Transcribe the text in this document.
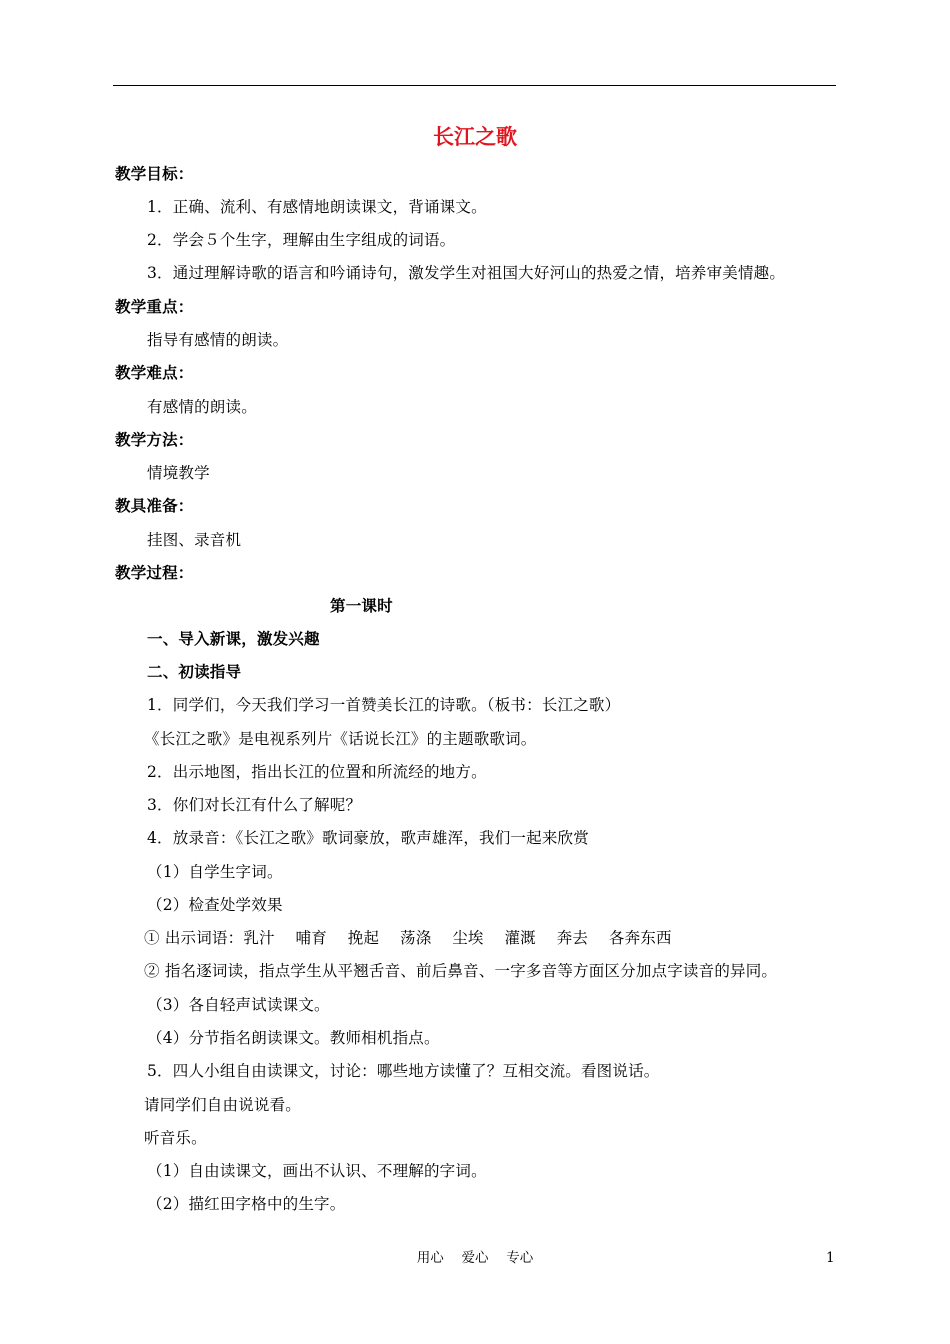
长江之歌
教学目标：
1．正确、流利、有感情地朗读课文，背诵课文。
2．学会５个生字，理解由生字组成的词语。
3．通过理解诗歌的语言和吟诵诗句，激发学生对祖国大好河山的热爱之情，培养审美情趣。
教学重点：
指导有感情的朗读。
教学难点：
有感情的朗读。
教学方法：
情境教学
教具准备：
挂图、录音机
教学过程：
第一课时
一、导入新课，激发兴趣
二、初读指导
1．同学们，今天我们学习一首赞美长江的诗歌。（板书：长江之歌）
《长江之歌》是电视系列片《话说长江》的主题歌歌词。
2．出示地图，指出长江的位置和所流经的地方。
3．你们对长江有什么了解呢？
4．放录音：《长江之歌》歌词豪放，歌声雄浑，我们一起来欣赏
（1）自学生字词。
（2）检查处学效果
① 出示词语：乳汁　 哺育　 挽起　 荡涤　 尘埃　 灌溉　 奔去　 各奔东西
② 指名逐词读，指点学生从平翘舌音、前后鼻音、一字多音等方面区分加点字读音的异同。
（3）各自轻声试读课文。
（4）分节指名朗读课文。教师相机指点。
5．四人小组自由读课文，讨论：哪些地方读懂了？互相交流。看图说话。
请同学们自由说说看。
听音乐。
（1）自由读课文，画出不认识、不理解的字词。
（2）描红田字格中的生字。
用心　 爱心　 专心	1
